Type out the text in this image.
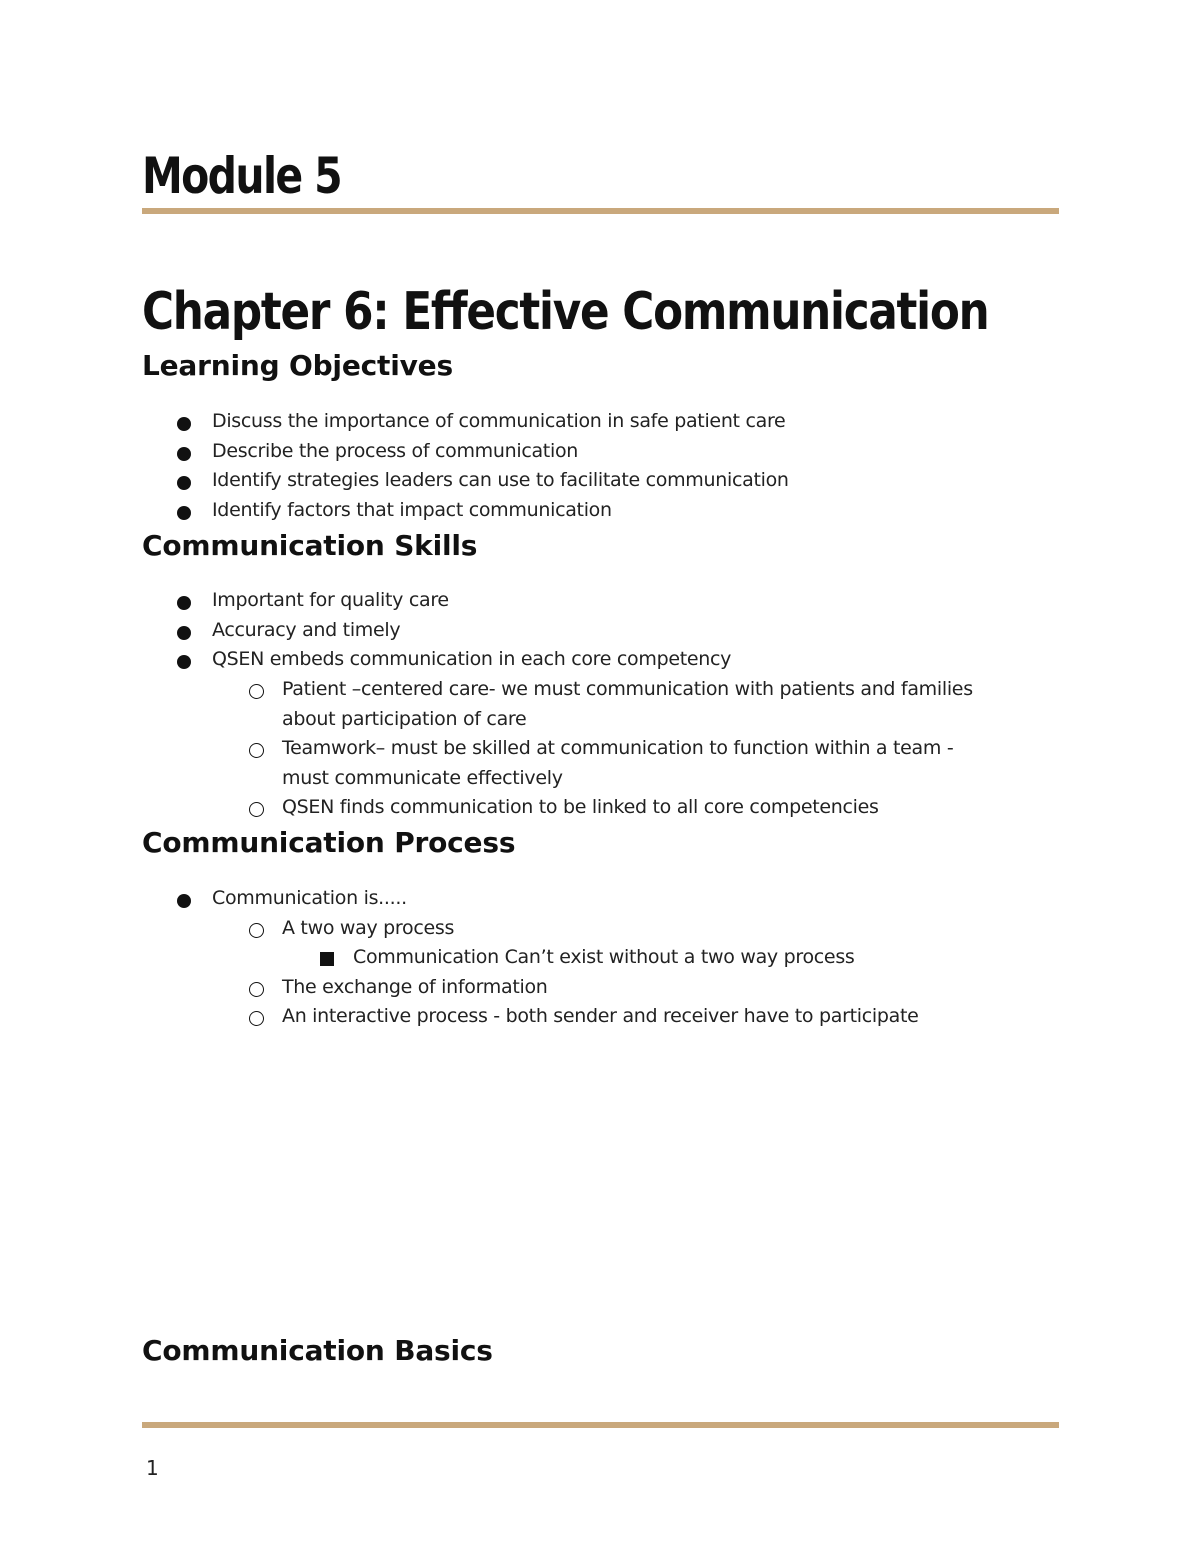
Module 5
Chapter 6: Effective Communication
Learning Objectives
Discuss the importance of communication in safe patient care
Describe the process of communication
Identify strategies leaders can use to facilitate communication
Identify factors that impact communication
Communication Skills
Important for quality care
Accuracy and timely
QSEN embeds communication in each core competency
Patient –centered care- we must communication with patients and families
about participation of care
Teamwork– must be skilled at communication to function within a team -
must communicate effectively
QSEN finds communication to be linked to all core competencies
Communication Process
Communication is.....
A two way process
Communication Can’t exist without a two way process
The exchange of information
An interactive process - both sender and receiver have to participate
Communication Basics
1
